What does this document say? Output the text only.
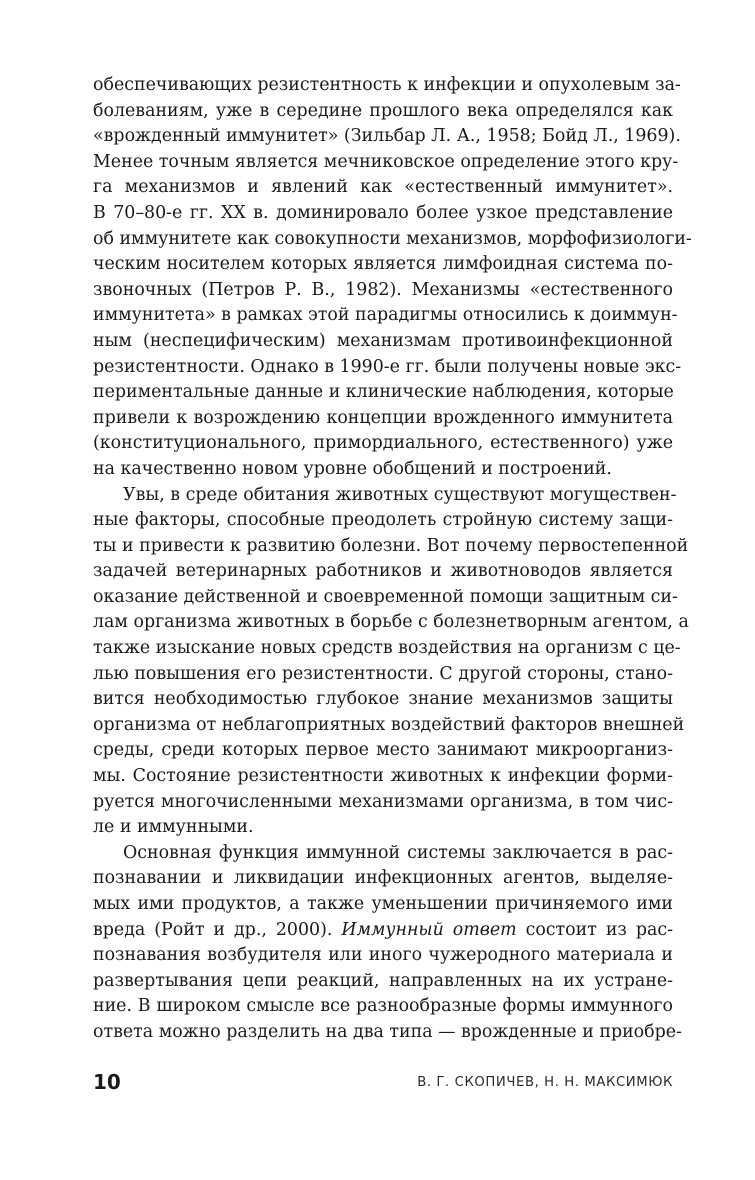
обеспечивающих резистентность к инфекции и опухолевым за-
болеваниям, уже в середине прошлого века определялся как
«врожденный иммунитет» (Зильбар Л. А., 1958; Бойд Л., 1969).
Менее точным является мечниковское определение этого кру-
га механизмов и явлений как «естественный иммунитет».
В 70–80-е гг. XX в. доминировало более узкое представление
об иммунитете как совокупности механизмов, морфофизиологи-
ческим носителем которых является лимфоидная система по-
звоночных (Петров Р. В., 1982). Механизмы «естественного
иммунитета» в рамках этой парадигмы относились к доиммун-
ным (неспецифическим) механизмам противоинфекционной
резистентности. Однако в 1990-е гг. были получены новые экс-
периментальные данные и клинические наблюдения, которые
привели к возрождению концепции врожденного иммунитета
(конституционального, примордиального, естественного) уже
на качественно новом уровне обобщений и построений.
Увы, в среде обитания животных существуют могуществен-
ные факторы, способные преодолеть стройную систему защи-
ты и привести к развитию болезни. Вот почему первостепенной
задачей ветеринарных работников и животноводов является
оказание действенной и своевременной помощи защитным си-
лам организма животных в борьбе с болезнетворным агентом, а
также изыскание новых средств воздействия на организм с це-
лью повышения его резистентности. С другой стороны, стано-
вится необходимостью глубокое знание механизмов защиты
организма от неблагоприятных воздействий факторов внешней
среды, среди которых первое место занимают микроорганиз-
мы. Состояние резистентности животных к инфекции форми-
руется многочисленными механизмами организма, в том чис-
ле и иммунными.
Основная функция иммунной системы заключается в рас-
познавании и ликвидации инфекционных агентов, выделяе-
мых ими продуктов, а также уменьшении причиняемого ими
вреда (Ройт и др., 2000). Иммунный ответ состоит из рас-
познавания возбудителя или иного чужеродного материала и
развертывания цепи реакций, направленных на их устране-
ние. В широком смысле все разнообразные формы иммунного
ответа можно разделить на два типа — врожденные и приобре-
10	В. Г. СКОПИЧЕВ, Н. Н. МАКСИМЮК
